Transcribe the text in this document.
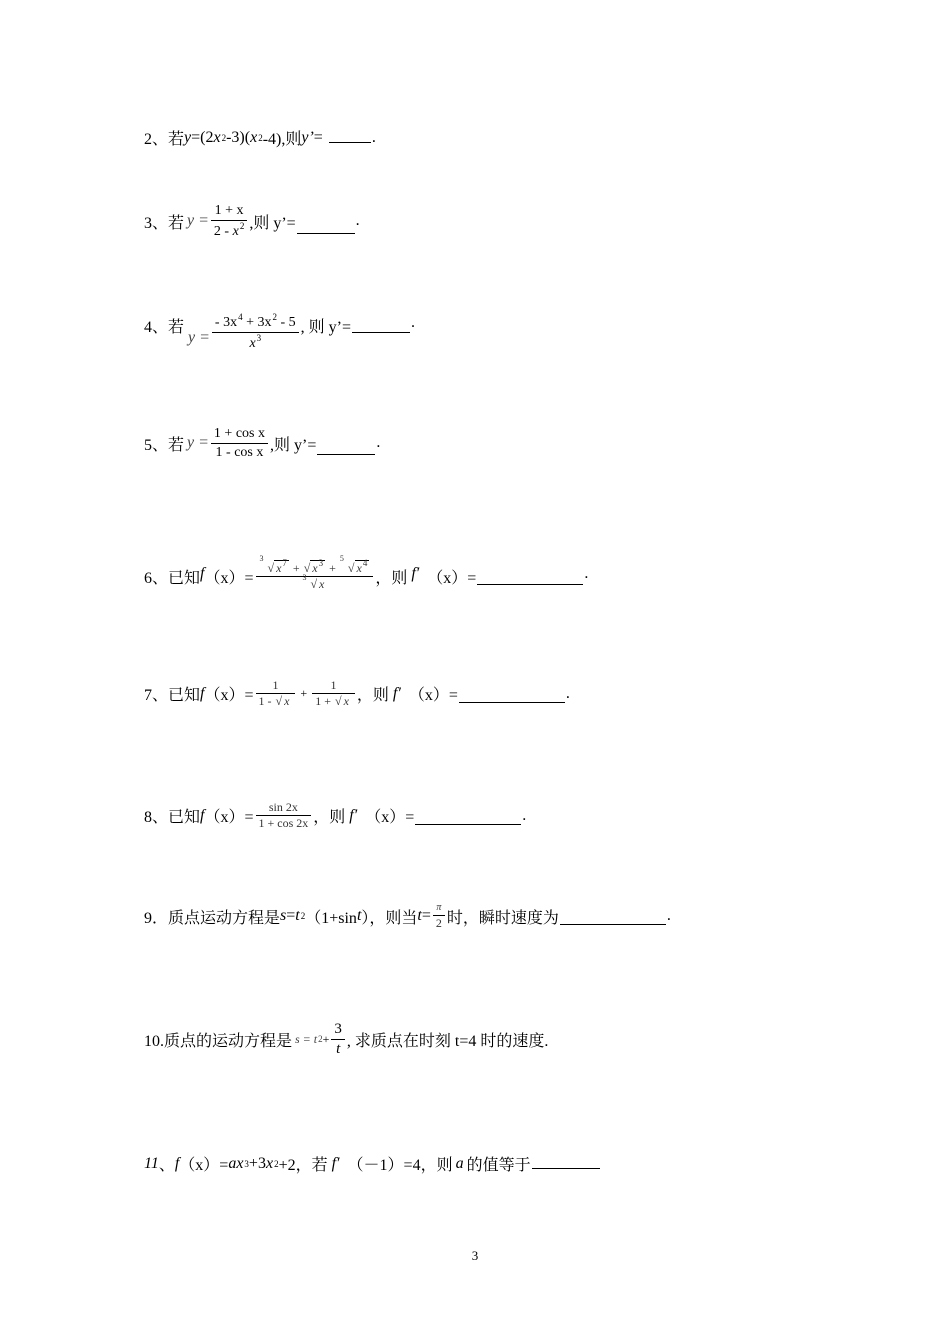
2、若 y =(2 x 2 -3)( x 2 -4),则 y’ =	.
3、若 $y = \frac{1 + x}{2 - x^2}$ ,则 y’=	.
4、若
$y = \frac{- 3x^4 + 3x^2 - 5}{x^3}$ , 则 y’=	.
5、若 $y = \frac{\text{1 + cos x}}{\text{1 - cos x}}$ ,则 y’=	.
6、已知 f （x）= 3
√ $x^7$ + √ $x^3$ +
5
√ $x^4$
3 √ x ，则 f′ （x）=	.
7、已知 f $(x)= \frac{1}{1 - √ x} + \frac{1}{1 + √ x}$ ，则 f′ （x）=	.
8、已知 f $(x)= \frac{\sin 2x}{1 + \cos 2x}$ ，则 f′ （x）=	.
9．质点运动方程是 s = t 2 （1+sin t ），则当 $t = \frac{\pi}{2}$ 时，瞬时速度为	.
10.质点的运动方程是 s = t $2 + \frac{3}{t}$ , 求质点在时刻 t=4 时的速度.
11 、 f （x）= ax 3 +3 x 2 +2，若 f′ （－1）=4，则 a 的值等于
3
